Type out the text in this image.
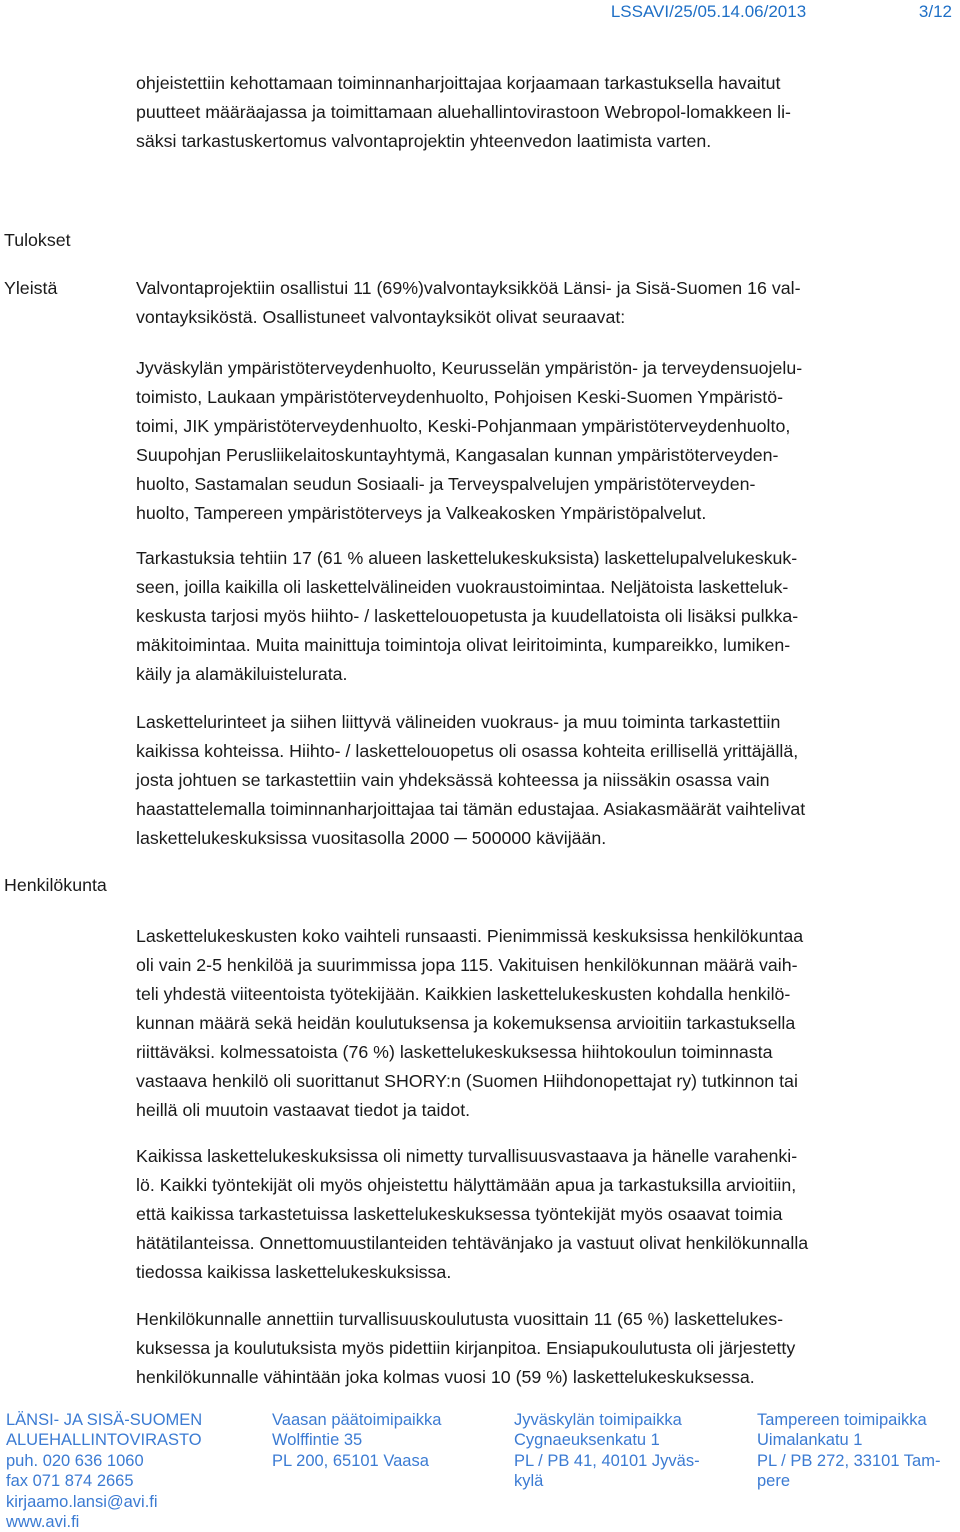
LSSAVI/25/05.14.06/2013	3/12
ohjeistettiin kehottamaan toiminnanharjoittajaa korjaamaan tarkastuksella havaitut
puutteet määräajassa ja toimittamaan aluehallintovirastoon Webropol-lomakkeen li-
säksi tarkastuskertomus valvontaprojektin yhteenvedon laatimista varten.
Tulokset
Yleistä
Henkilökunta
Valvontaprojektiin osallistui 11 (69%)valvontayksikköä Länsi- ja Sisä-Suomen 16 val-
vontayksiköstä. Osallistuneet valvontayksiköt olivat seuraavat:
Jyväskylän ympäristöterveydenhuolto, Keurusselän ympäristön- ja terveydensuojelu-
toimisto, Laukaan ympäristöterveydenhuolto, Pohjoisen Keski-Suomen Ympäristö-
toimi, JIK ympäristöterveydenhuolto, Keski-Pohjanmaan ympäristöterveydenhuolto,
Suupohjan Perusliikelaitoskuntayhtymä, Kangasalan kunnan ympäristöterveyden-
huolto, Sastamalan seudun Sosiaali- ja Terveyspalvelujen ympäristöterveyden-
huolto, Tampereen ympäristöterveys ja Valkeakosken Ympäristöpalvelut.
Tarkastuksia tehtiin 17 (61 % alueen laskettelukeskuksista) laskettelupalvelukeskuk-
seen, joilla kaikilla oli laskettelvälineiden vuokraustoimintaa. Neljätoista lasketteluk-
keskusta tarjosi myös hiihto- / laskettelouopetusta ja kuudellatoista oli lisäksi pulkka-
mäkitoimintaa. Muita mainittuja toimintoja olivat leiritoiminta, kumpareikko, lumiken-
käily ja alamäkiluistelurata.
Laskettelurinteet ja siihen liittyvä välineiden vuokraus- ja muu toiminta tarkastettiin
kaikissa kohteissa. Hiihto- / laskettelouopetus oli osassa kohteita erillisellä yrittäjällä,
josta johtuen se tarkastettiin vain yhdeksässä kohteessa ja niissäkin osassa vain
haastattelemalla toiminnanharjoittajaa tai tämän edustajaa. Asiakasmäärät vaihtelivat
laskettelukeskuksissa vuositasolla 2000 ─ 500000 kävijään.
Laskettelukeskusten koko vaihteli runsaasti. Pienimmissä keskuksissa henkilökuntaa
oli vain 2-5 henkilöä ja suurimmissa jopa 115. Vakituisen henkilökunnan määrä vaih-
teli yhdestä viiteentoista työtekijään. Kaikkien laskettelukeskusten kohdalla henkilö-
kunnan määrä sekä heidän koulutuksensa ja kokemuksensa arvioitiin tarkastuksella
riittäväksi. kolmessatoista (76 %) laskettelukeskuksessa hiihtokoulun toiminnasta
vastaava henkilö oli suorittanut SHORY:n (Suomen Hiihdonopettajat ry) tutkinnon tai
heillä oli muutoin vastaavat tiedot ja taidot.
Kaikissa laskettelukeskuksissa oli nimetty turvallisuusvastaava ja hänelle varahenki-
lö. Kaikki työntekijät oli myös ohjeistettu hälyttämään apua ja tarkastuksilla arvioitiin,
että kaikissa tarkastetuissa laskettelukeskuksessa työntekijät myös osaavat toimia
hätätilanteissa. Onnettomuustilanteiden tehtävänjako ja vastuut olivat henkilökunnalla
tiedossa kaikissa laskettelukeskuksissa.
Henkilökunnalle annettiin turvallisuuskoulutusta vuosittain 11 (65 %) laskettelukes-
kuksessa ja koulutuksista myös pidettiin kirjanpitoa. Ensiapukoulutusta oli järjestetty
henkilökunnalle vähintään joka kolmas vuosi 10 (59 %) laskettelukeskuksessa.
LÄNSI- JA SISÄ-SUOMEN
ALUEHALLINTOVIRASTO
puh. 020 636 1060
fax 071 874 2665
kirjaamo.lansi@avi.fi
www.avi.fi
Vaasan päätoimipaikka
Wolffintie 35
PL 200, 65101 Vaasa
Jyväskylän toimipaikka
Cygnaeuksenkatu 1
PL / PB 41, 40101 Jyväs-
kylä
Tampereen toimipaikka
Uimalankatu 1
PL / PB 272, 33101 Tam-
pere
